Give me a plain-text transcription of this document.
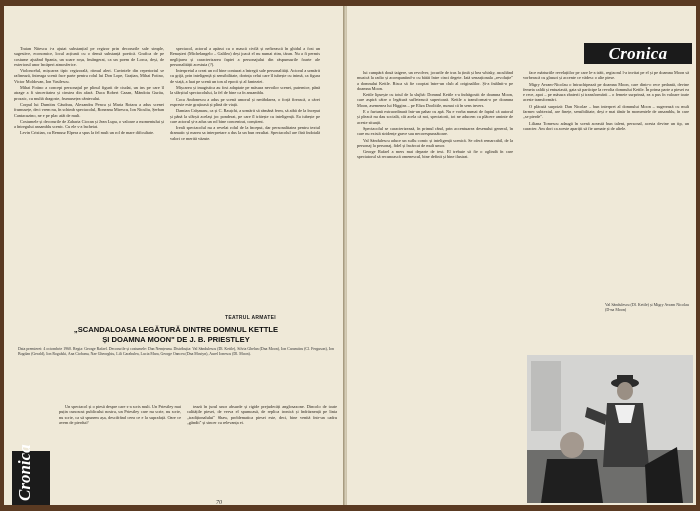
Traian Nitescu i-a ajutat substanțial pe regizor prin decorurile sale simple, sugestive, economice, locul acțiunii cu o densă substanță poetică. Grafica de pe costume ajutând Spania, un soare roșu, însângerat, ca un poem de Lorca, deși, de exteriorul unor încăperi atmosferice.

Violoncelul, mișcarea tipic regizorală, ritmul alert. Cuvintele din repertoriul se rafinează, întreaga scenă face parte pentru rolul lui Don Lope, Grațian, Mihai Fotino, Victor Moldovan, Ion Vasilescu.

Mihai Fotino a concepi personajul pe plinul figurii de ciudat, un ins pe care îl atrage a fi sinceritatea și cinstea din afară. Duca Robert Cazan, Măndoiu Gurău, prozaic, cu multă dragoste, frumusețea cântecului.

Corpul lui Dumitru Căudrau, Alexandru Pencu și Maria Rotaru a adus scenei frumusețe, deci vrem nu, în schimb spectacolul, Roneanu Mirescu, Ion Niculiu, Șerban Cantacuzino, ne e pe plac atât de mult.

Costumele și decorurile de Zaharia Ciocan și Jean Lupu, o valoare a momentului și a întregului ansamblu scenic. Cu ele s-a încheiat.

Levin Cristian, cu Remusz Elpera a spus la fel mult un rol de mare dificultate.

spectacol, actorul a apărut cu o mască civilă și nefirească în ghidul a fost un Renașteri (Michelangelo – Galileo) deși joacă el nu numai ritm, tăran. Nu a fi permis neglijarea și caracterizarea faptei a personajului din răspunsurile foarte ale personalității acestuia (?).

Interpretul a creat un rol bine conturat a întregii sale personalități. Actorul a urmărit cu grijă, prin inteligență și sensibilitate, dorința celui care îl iubește cu inimă, ca figura de viață, a luat pe scenă un ton al epocii și al fanteziei.

Mișcarea și imagistica au fost adaptate pe măsura nevoilor scenei, puternice, până la sfârșitul spectacolului, la fel de bine ca în ansamblu.

Coca Andonescu a adus pe scenă umorul și nerăbdarea, o forță firească, a cărei expresie este grațioasă și plină de viață.

Damian Crâșmaru, ca și C. Rauțchi, a urmărit să rămână ferm, să aibă de la început și până la sfârșit același joc ponderat, pe care îl trăiește cu inteligență. Ea iubește pe care actorul și-a adus un rol bine concentrat, conștient.

Ireali spectacolul nu a revelat rolul de la început, dar personalitatea pentru textul dramatic și marea sa interpretare a dus la un bun rezultat. Spectacolul are fără îndoială valori ce merită văzute.

TEATRUL ARMATEI
„SCANDALOASA LEGĂTURĂ DINTRE DOMNUL KETTLE
ȘI DOAMNA MOON" DE J. B. PRIESTLEY
Data premierei: 4 octombrie 1960. Regia: George Rafael. Decorurile și costumele: Dan Nemțeanu. Distribuția: Val Săndulescu (Dl. Kettle), Silvia Ghelan (Dna Moon), Ion Caramitru (Cl. Ferguson), Ion Bogdan (Gerald), Ion Rogalski, Ana Ciobanu, Nae Gheorghiu, Lili Carabulea, Lucia Mara, George Oancea (Dna Mostyn), Aurel Ionescu (Dl. Moon).

Un spectacol și o piesă despre care s-a scris mult. Un Priestley mai puțin cunoscut publicului nostru, un Priestley care nu scrie, nu scrie, nu scrie, ca să spunem așa, descifrând ceea ce e la suprafață. Oare ce avem de pierdut?

tează în jurul unor absurde și rigide prejudecăți anglosaxone. Dincolo de toate calitățile piesei, de verva el spumoasă, de replica ironică și îndrăzneață pe linia „tradiționalului" Shaw, problematica piesei este, deci, bine venită într-un cadru „gândit" și sincer cu relevanța ei.

Cronica
70
Cronica

lui cumpără două taigere, un revolver, jocurile de tras la țintă și bea whisky, ascultând muzică la radio și acompaniind-o cu bătăi între cinci degete. Iată senzaționala „revoluție" a domnului Kettle. Risca să fie cooptat între-un club al originalilor. Și-a întâlnit-o pe doamna Moon.

Kettle lipsește cu totul de la slujbă: Domnul Kettle s-a îndrăgostit de doamna Moon, care aspiră către o legătură sufletească superioară. Kettle a transformat-o pe doamna Moon, asemenea lui Higgins – pe Eliza Doolittle, numai că în sens invers.

E o furtună extraordinară într-un pahar cu apă. Nu e vorba numai de faptul că autorul și pleacă nu dau socială, cât acela că noi, spectatorii, tot ne aducem cu plăcere aminte de aceste situații.

Spectacolul se caracterizează, în primul rând, prin accentuarea desenului general, în care nu există stridențe grave sau necorespunzătoare.

Val Săndulescu aduce un suflu comic și inteligență scenică. Se oferă remarcabil, de la personaj la personaj, fidel și încărcat de mult umor.

George Rafael a mers mai departe de text. El trebuie să fie o oglindă în care spectatorul să recunoască omenescul, bine definit și bine ilustrat.

face mărturiile revelațiilor pe care le-a trăit, regizorul l-a invitat pe el și pe doamna Moon să vorbească cu glasuri și accente ce vădesc o alte piese.

Migry Avram-Nicolau o întruchipează pe doamna Moon, care dintr-o rece pedantă, devine femeia caldă și entuziastă, gata să participe la revolta domnului Kettle. În prima parte a piesei ea e rece, apoi – pe măsura zbaterii și transformării – o femeie surprinsă, ea a pus în valoare toate aceste transformări.

O plăcută surpriză: Dan Nicolae – bun interpret al domnului Moon – sugerează cu mult farmec subtextul, are finețe, sensibilitate, deși e mai tânăr în momentele de ansamblu, în care „se pierde".

Liliana Tomescu adaugă în scenă această bun talent, personal, acesta devine un tip, un caracter. Am dori ca aceste apariții să fie urmate și de altele.

Val Săndulescu (Dl. Kettle) și Migry Avram Nicolau (D-na Moon)
